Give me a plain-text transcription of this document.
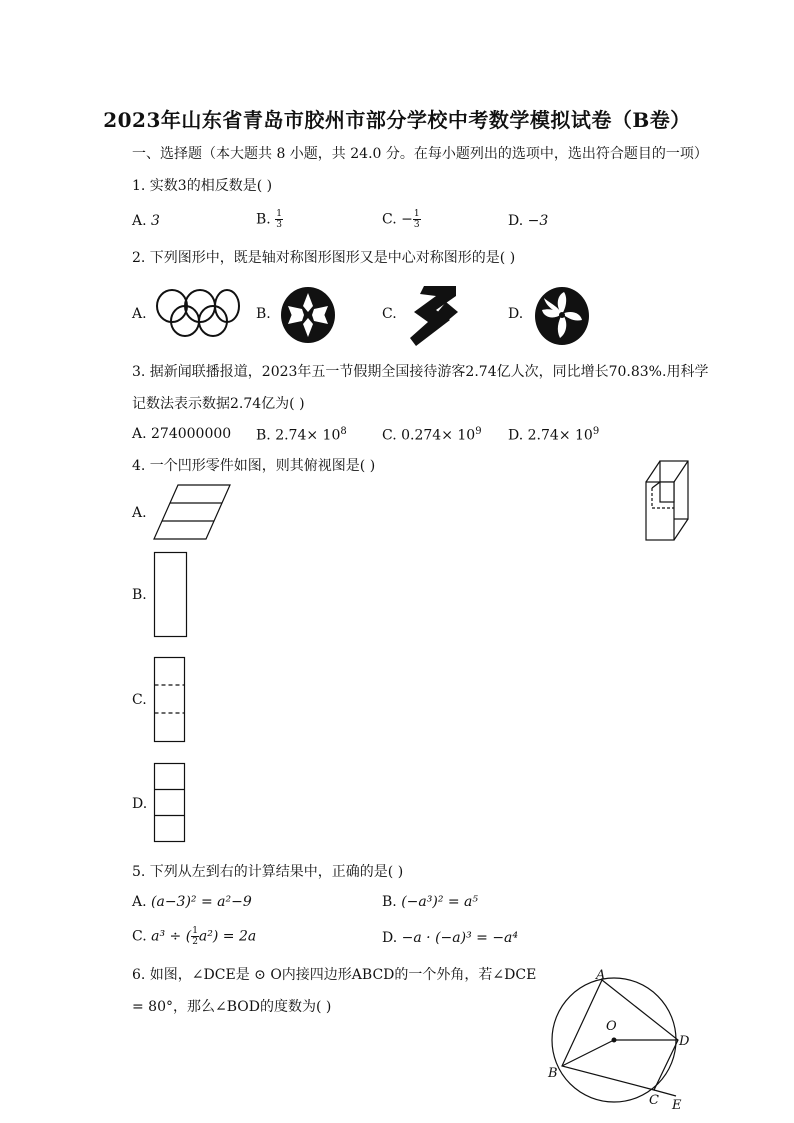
2023年山东省青岛市胶州市部分学校中考数学模拟试卷（B卷）
一、选择题（本大题共 8 小题，共 24.0 分。在每小题列出的选项中，选出符合题目的一项）
1. 实数3的相反数是( )
A. 3	B. $\frac{1}{3}$	C. − $\frac{1}{3}$	D. −3
2. 下列图形中，既是轴对称图形图形又是中心对称图形的是( )
A.	B.	C.	D.
3. 据新闻联播报道，2023年五一节假期全国接待游客2.74亿人次，同比增长70.83%.用科学
记数法表示数据2.74亿为( )
A. 274000000 B. $2.74\times 10^8$	C. $0.274\times 10^9$ D. $2.74\times 10^9$
4. 一个凹形零件如图，则其俯视图是( )
A.
B.
C.
D.
5. 下列从左到右的计算结果中，正确的是( )
A. (a−3)² = a²−9	B. (−a³)² = a⁵
C. a³ ÷ ( $\frac{1}{2} a^2) = 2a$	D. −a · (−a)³ = −a⁴
6. 如图，∠DCE是 ⊙ O内接四边形ABCD的一个外角，若∠DCE
= 80°，那么∠BOD的度数为( )
A
O
D
B
C E
